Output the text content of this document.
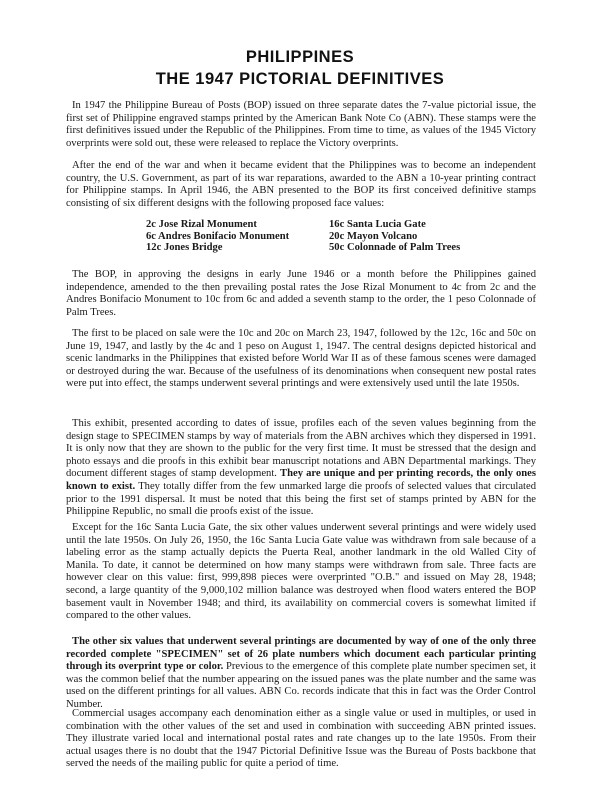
PHILIPPINES
THE 1947 PICTORIAL DEFINITIVES

In 1947 the Philippine Bureau of Posts (BOP) issued on three separate dates the 7-value pictorial issue, the first set of Philippine engraved stamps printed by the American Bank Note Co (ABN). These stamps were the first definitives issued under the Republic of the Philippines. From time to time, as values of the 1945 Victory overprints were sold out, these were released to replace the Victory overprints.

After the end of the war and when it became evident that the Philippines was to become an independent country, the U.S. Government, as part of its war reparations, awarded to the ABN a 10-year printing contract for Philippine stamps. In April 1946, the ABN presented to the BOP its first conceived definitive stamps consisting of six different designs with the following proposed face values:

2c Jose Rizal Monument	16c Santa Lucia Gate
6c Andres Bonifacio Monument	20c Mayon Volcano
12c Jones Bridge	50c Colonnade of Palm Trees

The BOP, in approving the designs in early June 1946 or a month before the Philippines gained independence, amended to the then prevailing postal rates the Jose Rizal Monument to 4c from 2c and the Andres Bonifacio Monument to 10c from 6c and added a seventh stamp to the order, the 1 peso Colonnade of Palm Trees.

The first to be placed on sale were the 10c and 20c on March 23, 1947, followed by the 12c, 16c and 50c on June 19, 1947, and lastly by the 4c and 1 peso on August 1, 1947. The central designs depicted historical and scenic landmarks in the Philippines that existed before World War II as of these famous scenes were damaged or destroyed during the war. Because of the usefulness of its denominations when consequent new postal rates were put into effect, the stamps underwent several printings and were extensively used until the late 1950s.

This exhibit, presented according to dates of issue, profiles each of the seven values beginning from the design stage to SPECIMEN stamps by way of materials from the ABN archives which they dispersed in 1991. It is only now that they are shown to the public for the very first time. It must be stressed that the design and photo essays and die proofs in this exhibit bear manuscript notations and ABN Departmental markings. They document different stages of stamp development. They are unique and per printing records, the only ones known to exist. They totally differ from the few unmarked large die proofs of selected values that circulated prior to the 1991 dispersal. It must be noted that this being the first set of stamps printed by ABN for the Philippine Republic, no small die proofs exist of the issue.

Except for the 16c Santa Lucia Gate, the six other values underwent several printings and were widely used until the late 1950s. On July 26, 1950, the 16c Santa Lucia Gate value was withdrawn from sale because of a labeling error as the stamp actually depicts the Puerta Real, another landmark in the old Walled City of Manila. To date, it cannot be determined on how many stamps were withdrawn from sale. Three facts are however clear on this value: first, 999,898 pieces were overprinted "O.B." and issued on May 28, 1948; second, a large quantity of the 9,000,102 million balance was destroyed when flood waters entered the BOP basement vault in November 1948; and third, its availability on commercial covers is somewhat limited if compared to the other values.

The other six values that underwent several printings are documented by way of one of the only three recorded complete "SPECIMEN" set of 26 plate numbers which document each particular printing through its overprint type or color. Previous to the emergence of this complete plate number specimen set, it was the common belief that the number appearing on the issued panes was the plate number and the same was used on the different printings for all values. ABN Co. records indicate that this in fact was the Order Control Number.

Commercial usages accompany each denomination either as a single value or used in multiples, or used in combination with the other values of the set and used in combination with succeeding ABN printed issues. They illustrate varied local and international postal rates and rate changes up to the late 1950s. From their actual usages there is no doubt that the 1947 Pictorial Definitive Issue was the Bureau of Posts backbone that served the needs of the mailing public for quite a period of time.
